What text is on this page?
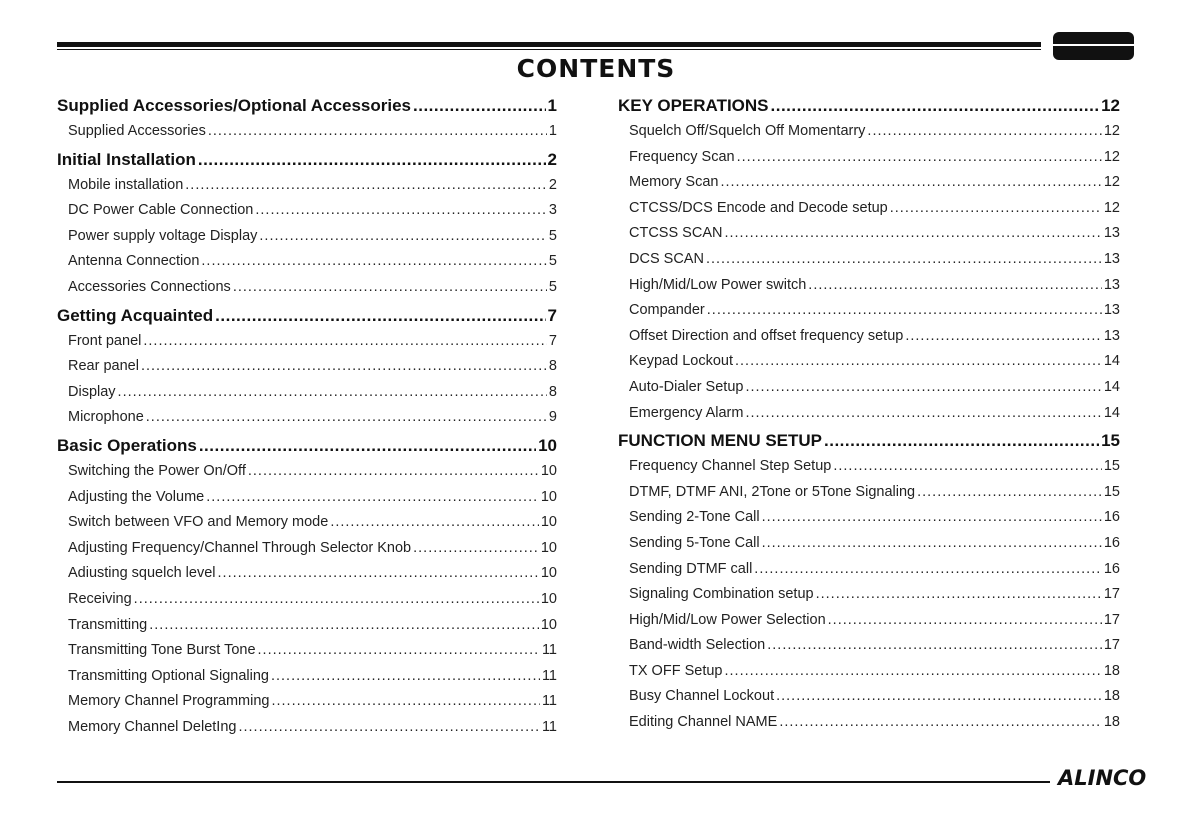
CONTENTS
Supplied Accessories/Optional Accessories .....	1
Supplied Accessories .....	1
Initial Installation .....	2
Mobile installation .....	2
DC Power Cable Connection .....	3
Power supply voltage Display .....	5
Antenna Connection .....	5
Accessories Connections .....	5
Getting Acquainted .....	7
Front panel .....	7
Rear panel .....	8
Display .....	8
Microphone .....	9
Basic Operations .....	10
Switching the Power On/Off .....	10
Adjusting the Volume .....	10
Switch between VFO and Memory mode .....	10
Adjusting Frequency/Channel Through Selector Knob .....	10
Adiusting squelch level .....	10
Receiving .....	10
Transmitting .....	10
Transmitting Tone Burst Tone .....	11
Transmitting Optional Signaling .....	11
Memory Channel Programming .....	11
Memory Channel DeletIng .....	11
KEY OPERATIONS .....	12
Squelch Off/Squelch Off Momentarry .....	12
Frequency Scan .....	12
Memory Scan .....	12
CTCSS/DCS Encode and Decode setup .....	12
CTCSS SCAN .....	13
DCS SCAN .....	13
High/Mid/Low Power switch .....	13
Compander .....	13
Offset Direction and offset frequency setup .....	13
Keypad Lockout .....	14
Auto-Dialer Setup .....	14
Emergency Alarm .....	14
FUNCTION MENU SETUP .....	15
Frequency Channel Step Setup .....	15
DTMF, DTMF ANI, 2Tone or 5Tone Signaling .....	15
Sending 2-Tone Call .....	16
Sending 5-Tone Call .....	16
Sending DTMF call .....	16
Signaling Combination setup .....	17
High/Mid/Low Power Selection .....	17
Band-width Selection .....	17
TX OFF Setup .....	18
Busy Channel Lockout .....	18
Editing Channel NAME .....	18
ALINCO
